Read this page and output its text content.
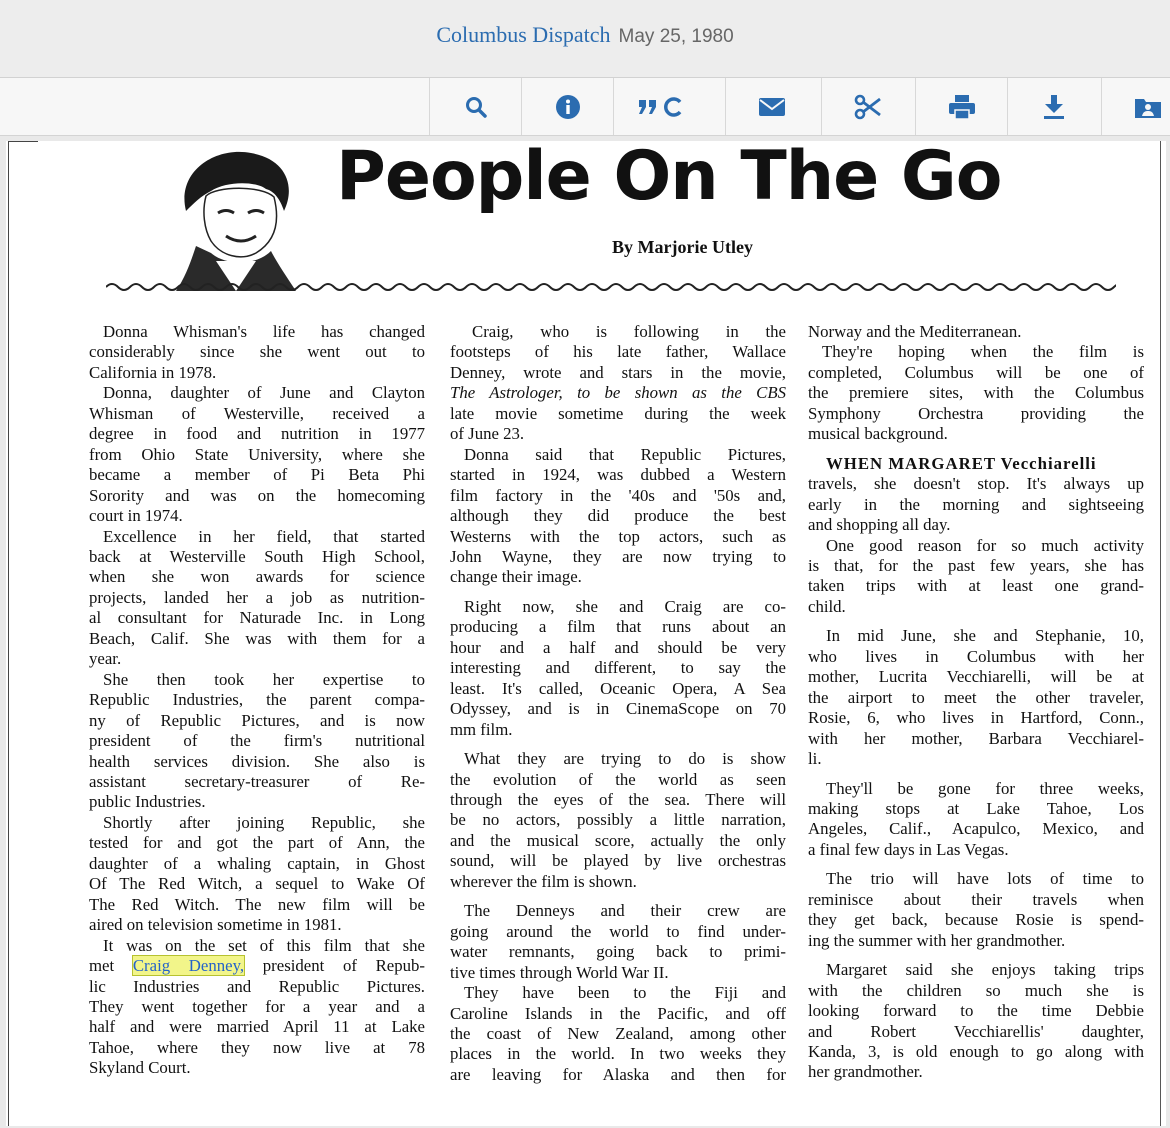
Columbus Dispatch May 25, 1980
People On The Go
By Marjorie Utley

Donna Whisman's life has changed

considerably since she went out to

California in 1978.

Donna, daughter of June and Clayton

Whisman of Westerville, received a

degree in food and nutrition in 1977

from Ohio State University, where she

became a member of Pi Beta Phi

Sorority and was on the homecoming

court in 1974.

Excellence in her field, that started

back at Westerville South High School,

when she won awards for science

projects, landed her a job as nutrition-

al consultant for Naturade Inc. in Long

Beach, Calif. She was with them for a

year.

She then took her expertise to

Republic Industries, the parent compa-

ny of Republic Pictures, and is now

president of the firm's nutritional

health services division. She also is

assistant secretary-treasurer of Re-

public Industries.

Shortly after joining Republic, she

tested for and got the part of Ann, the

daughter of a whaling captain, in Ghost

Of The Red Witch, a sequel to Wake Of

The Red Witch. The new film will be

aired on television sometime in 1981.

It was on the set of this film that she

met Craig Denney, president of Repub-

lic Industries and Republic Pictures.

They went together for a year and a

half and were married April 11 at Lake

Tahoe, where they now live at 78

Skyland Court.

Craig, who is following in the

footsteps of his late father, Wallace

Denney, wrote and stars in the movie,

The Astrologer, to be shown as the CBS

late movie sometime during the week

of June 23.

Donna said that Republic Pictures,

started in 1924, was dubbed a Western

film factory in the '40s and '50s and,

although they did produce the best

Westerns with the top actors, such as

John Wayne, they are now trying to

change their image.

Right now, she and Craig are co-

producing a film that runs about an

hour and a half and should be very

interesting and different, to say the

least. It's called, Oceanic Opera, A Sea

Odyssey, and is in CinemaScope on 70

mm film.

What they are trying to do is show

the evolution of the world as seen

through the eyes of the sea. There will

be no actors, possibly a little narration,

and the musical score, actually the only

sound, will be played by live orchestras

wherever the film is shown.

The Denneys and their crew are

going around the world to find under-

water remnants, going back to primi-

tive times through World War II.

They have been to the Fiji and

Caroline Islands in the Pacific, and off

the coast of New Zealand, among other

places in the world. In two weeks they

are leaving for Alaska and then for

Norway and the Mediterranean.

They're hoping when the film is

completed, Columbus will be one of

the premiere sites, with the Columbus

Symphony Orchestra providing the

musical background.

WHEN MARGARET Vecchiarelli

travels, she doesn't stop. It's always up

early in the morning and sightseeing

and shopping all day.

One good reason for so much activity

is that, for the past few years, she has

taken trips with at least one grand-

child.

In mid June, she and Stephanie, 10,

who lives in Columbus with her

mother, Lucrita Vecchiarelli, will be at

the airport to meet the other traveler,

Rosie, 6, who lives in Hartford, Conn.,

with her mother, Barbara Vecchiarel-

li.

They'll be gone for three weeks,

making stops at Lake Tahoe, Los

Angeles, Calif., Acapulco, Mexico, and

a final few days in Las Vegas.

The trio will have lots of time to

reminisce about their travels when

they get back, because Rosie is spend-

ing the summer with her grandmother.

Margaret said she enjoys taking trips

with the children so much she is

looking forward to the time Debbie

and Robert Vecchiarellis' daughter,

Kanda, 3, is old enough to go along with

her grandmother.
